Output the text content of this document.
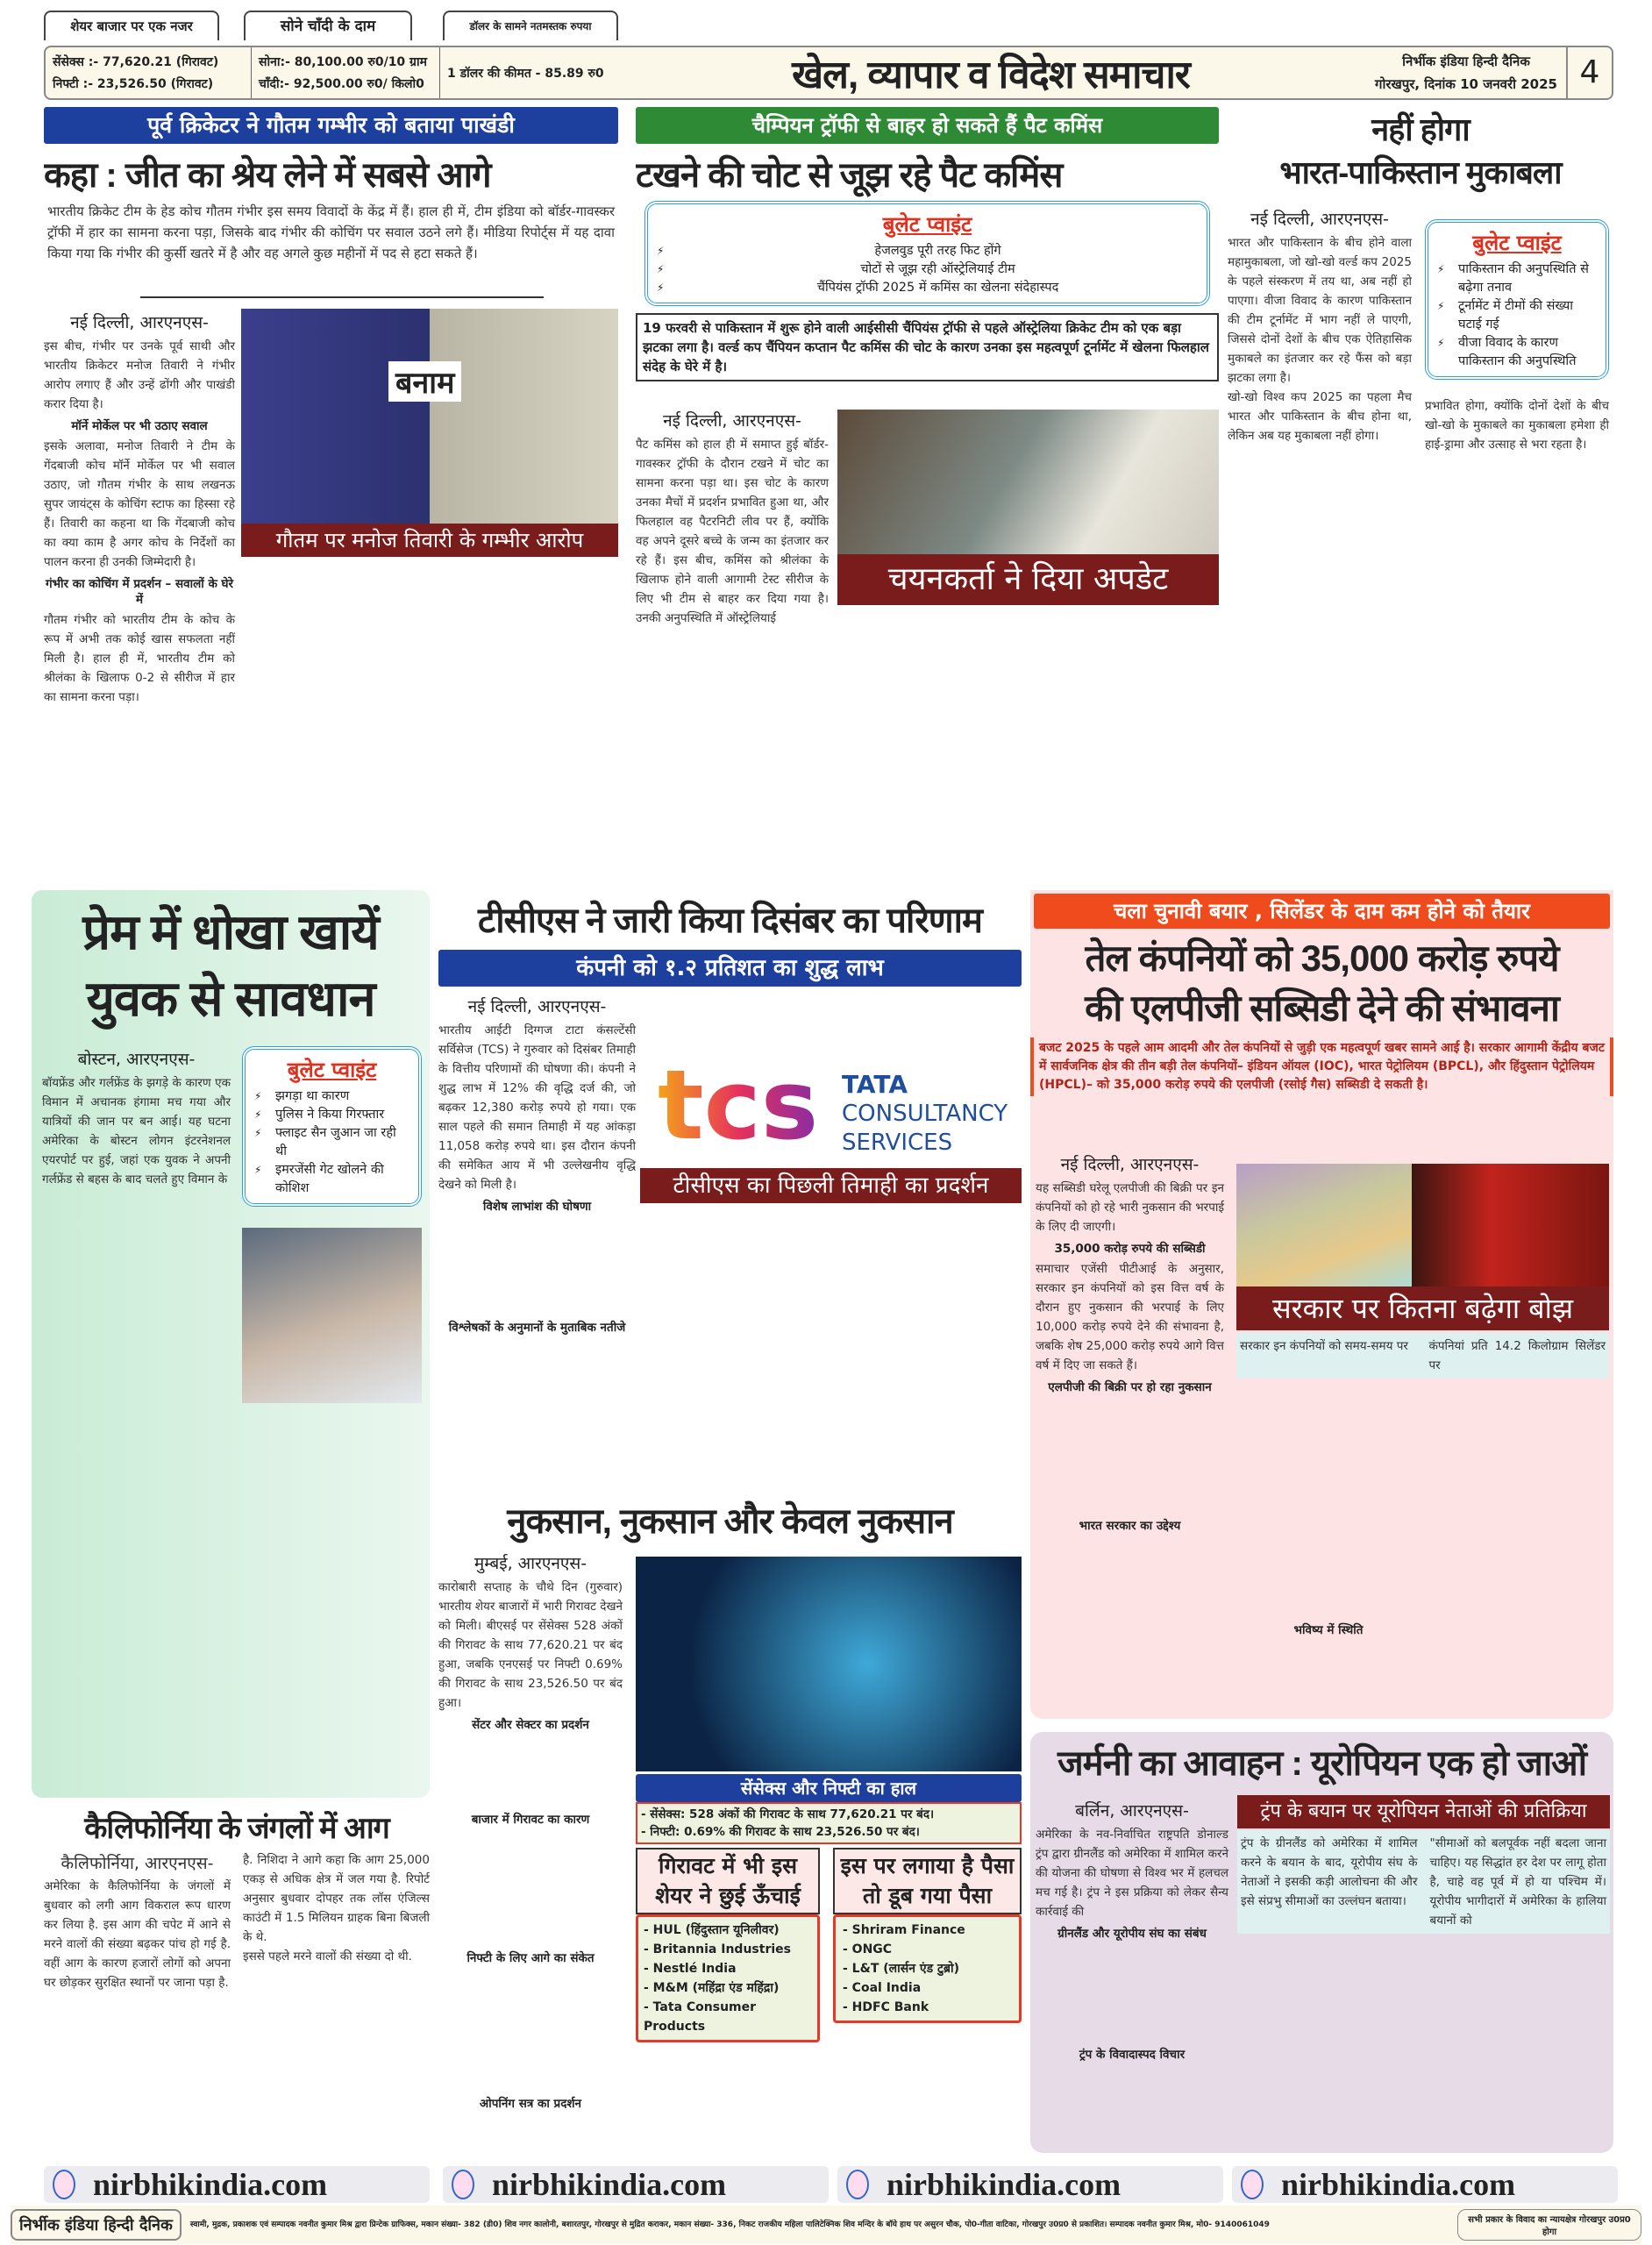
शेयर बाजार पर एक नजर	सोने चाँदी के दाम	डॉलर के सामने नतमस्तक रुपया
सेंसेक्स :- 77,620.21 (गिरावट)
निफ्टी :- 23,526.50 (गिरावट)
सोना:- 80,100.00 रु0/10 ग्राम
चाँदी:- 92,500.00 रु0/ किलो0
1 डॉलर की कीमत - 85.89 रु0	खेल, व्यापार व विदेश समाचार	निर्भीक इंडिया हिन्दी दैनिक
गोरखपुर, दिनांक 10 जनवरी 2025 4
पूर्व क्रिकेटर ने गौतम गम्भीर को बताया पाखंडी
कहा : जीत का श्रेय लेने में सबसे आगे
भारतीय क्रिकेट टीम के हेड कोच गौतम गंभीर इस समय विवादों के केंद्र में हैं। हाल ही में, टीम इंडिया को बॉर्डर-गावस्कर ट्रॉफी में हार का सामना करना पड़ा, जिसके बाद गंभीर की कोचिंग पर सवाल उठने लगे हैं। मीडिया रिपोर्ट्स में यह दावा किया गया कि गंभीर की कुर्सी खतरे में है और वह अगले कुछ महीनों में पद से हटा सकते हैं।
नई दिल्ली, आरएनएस-

इस बीच, गंभीर पर उनके पूर्व साथी और भारतीय क्रिकेटर मनोज तिवारी ने गंभीर आरोप लगाए हैं और उन्हें ढोंगी और पाखंडी करार दिया है।

मॉर्ने मोर्केल पर भी उठाए सवाल

इसके अलावा, मनोज तिवारी ने टीम के गेंदबाजी कोच मॉर्ने मोर्केल पर भी सवाल उठाए, जो गौतम गंभीर के साथ लखनऊ सुपर जायंट्स के कोचिंग स्टाफ का हिस्सा रहे हैं। तिवारी का कहना था कि गेंदबाजी कोच का क्या काम है अगर कोच के निर्देशों का पालन करना ही उनकी जिम्मेदारी है।

गंभीर का कोचिंग में प्रदर्शन – सवालों के घेरे में

गौतम गंभीर को भारतीय टीम के कोच के रूप में अभी तक कोई खास सफलता नहीं मिली है। हाल ही में, भारतीय टीम को श्रीलंका के खिलाफ 0-2 से सीरीज में हार का सामना करना पड़ा।

बनाम
गौतम पर मनोज तिवारी के गम्भीर आरोप
चैम्पियन ट्रॉफी से बाहर हो सकते हैं पैट कमिंस
टखने की चोट से जूझ रहे पैट कमिंस
बुलेट प्वाइंट
⚡ हेजलवुड पूरी तरह फिट होंगे
⚡ चोटों से जूझ रही ऑस्ट्रेलियाई टीम
⚡ चैंपियंस ट्रॉफी 2025 में कमिंस का खेलना संदेहास्पद
19 फरवरी से पाकिस्तान में शुरू होने वाली आईसीसी चैंपियंस ट्रॉफी से पहले ऑस्ट्रेलिया क्रिकेट टीम को एक बड़ा झटका लगा है। वर्ल्ड कप चैंपियन कप्तान पैट कमिंस की चोट के कारण उनका इस महत्वपूर्ण टूर्नामेंट में खेलना फिलहाल संदेह के घेरे में है।
नई दिल्ली, आरएनएस-

पैट कमिंस को हाल ही में समाप्त हुई बॉर्डर-गावस्कर ट्रॉफी के दौरान टखने में चोट का सामना करना पड़ा था। इस चोट के कारण उनका मैचों में प्रदर्शन प्रभावित हुआ था, और फिलहाल वह पैटरनिटी लीव पर हैं, क्योंकि वह अपने दूसरे बच्चे के जन्म का इंतजार कर रहे हैं। इस बीच, कमिंस को श्रीलंका के खिलाफ होने वाली आगामी टेस्ट सीरीज के लिए भी टीम से बाहर कर दिया गया है। उनकी अनुपस्थिति में ऑस्ट्रेलियाई

चयनकर्ता ने दिया अपडेट
नहीं होगा
भारत-पाकिस्तान मुकाबला
नई दिल्ली, आरएनएस-

भारत और पाकिस्तान के बीच होने वाला महामुकाबला, जो खो-खो वर्ल्ड कप 2025 के पहले संस्करण में तय था, अब नहीं हो पाएगा। वीजा विवाद के कारण पाकिस्तान की टीम टूर्नामेंट में भाग नहीं ले पाएगी, जिससे दोनों देशों के बीच एक ऐतिहासिक मुकाबले का इंतजार कर रहे फैंस को बड़ा झटका लगा है।

खो-खो विश्व कप 2025 का पहला मैच भारत और पाकिस्तान के बीच होना था, लेकिन अब यह मुकाबला नहीं होगा।

बुलेट प्वाइंट
⚡ पाकिस्तान की अनुपस्थिति से बढ़ेगा तनाव
⚡ टूर्नामेंट में टीमों की संख्या घटाई गई
⚡ वीजा विवाद के कारण पाकिस्तान की अनुपस्थिति

प्रभावित होगा, क्योंकि दोनों देशों के बीच खो-खो के मुकाबले का मुकाबला हमेशा ही हाई-ड्रामा और उत्साह से भरा रहता है।

प्रेम में धोखा खायें
युवक से सावधान
बोस्टन, आरएनएस-

बॉयफ्रेंड और गर्लफ्रेंड के झगड़े के कारण एक विमान में अचानक हंगामा मच गया और यात्रियों की जान पर बन आई। यह घटना अमेरिका के बोस्टन लोगन इंटरनेशनल एयरपोर्ट पर हुई, जहां एक युवक ने अपनी गर्लफ्रेंड से बहस के बाद चलते हुए विमान के

बुलेट प्वाइंट
⚡ झगड़ा था कारण
⚡ पुलिस ने किया गिरफ्तार
⚡ फ्लाइट सैन जुआन जा रही थी
⚡ इमरजेंसी गेट खोलने की कोशिश
टीसीएस ने जारी किया दिसंबर का परिणाम
कंपनी को १.२ प्रतिशत का शुद्ध लाभ
नई दिल्ली, आरएनएस-

भारतीय आईटी दिग्गज टाटा कंसल्टेंसी सर्विसेज (TCS) ने गुरुवार को दिसंबर तिमाही के वित्तीय परिणामों की घोषणा की। कंपनी ने शुद्ध लाभ में 12% की वृद्धि दर्ज की, जो बढ़कर 12,380 करोड़ रुपये हो गया। एक साल पहले की समान तिमाही में यह आंकड़ा 11,058 करोड़ रुपये था। इस दौरान कंपनी की समेकित आय में भी उल्लेखनीय वृद्धि देखने को मिली है।

विशेष लाभांश की घोषणा

विश्लेषकों के अनुमानों के मुताबिक नतीजे

tcs TATA
CONSULTANCY
SERVICES
टीसीएस का पिछली तिमाही का प्रदर्शन
नुकसान, नुकसान और केवल नुकसान
मुम्बई, आरएनएस-

कारोबारी सप्ताह के चौथे दिन (गुरुवार) भारतीय शेयर बाजारों में भारी गिरावट देखने को मिली। बीएसई पर सेंसेक्स 528 अंकों की गिरावट के साथ 77,620.21 पर बंद हुआ, जबकि एनएसई पर निफ्टी 0.69% की गिरावट के साथ 23,526.50 पर बंद हुआ।

सेंटर और सेक्टर का प्रदर्शन

बाजार में गिरावट का कारण

निफ्टी के लिए आगे का संकेत

सेंसेक्स और निफ्टी का हाल
- सेंसेक्स: 528 अंकों की गिरावट के साथ 77,620.21 पर बंद।
- निफ्टी: 0.69% की गिरावट के साथ 23,526.50 पर बंद।
गिरावट में भी इस शेयर ने छुई ऊँचाई
- HUL (हिंदुस्तान यूनिलीवर)
- Britannia Industries
- Nestlé India
- M&M (महिंद्रा एंड महिंद्रा)
- Tata Consumer Products
इस पर लगाया है पैसा तो डूब गया पैसा
- Shriram Finance
- ONGC
- L&T (लार्सन एंड टुब्रो)
- Coal India
- HDFC Bank

ओपनिंग सत्र का प्रदर्शन

चला चुनावी बयार , सिलेंडर के दाम कम होने को तैयार
तेल कंपनियों को 35,000 करोड़ रुपये
की एलपीजी सब्सिडी देने की संभावना
बजट 2025 के पहले आम आदमी और तेल कंपनियों से जुड़ी एक महत्वपूर्ण खबर सामने आई है। सरकार आगामी केंद्रीय बजट में सार्वजनिक क्षेत्र की तीन बड़ी तेल कंपनियों– इंडियन ऑयल (IOC), भारत पेट्रोलियम (BPCL), और हिंदुस्तान पेट्रोलियम (HPCL)– को 35,000 करोड़ रुपये की एलपीजी (रसोई गैस) सब्सिडी दे सकती है।
नई दिल्ली, आरएनएस-

यह सब्सिडी घरेलू एलपीजी की बिक्री पर इन कंपनियों को हो रहे भारी नुकसान की भरपाई के लिए दी जाएगी।

35,000 करोड़ रुपये की सब्सिडी

समाचार एजेंसी पीटीआई के अनुसार, सरकार इन कंपनियों को इस वित्त वर्ष के दौरान हुए नुकसान की भरपाई के लिए 10,000 करोड़ रुपये देने की संभावना है, जबकि शेष 25,000 करोड़ रुपये आगे वित्त वर्ष में दिए जा सकते हैं।

एलपीजी की बिक्री पर हो रहा नुकसान

भारत सरकार का उद्देश्य

सरकार पर कितना बढ़ेगा बोझ

सरकार इन कंपनियों को समय-समय पर	कंपनियां प्रति 14.2 किलोग्राम सिलेंडर पर

भविष्य में स्थिति

जर्मनी का आवाहन : यूरोपियन एक हो जाओं
बर्लिन, आरएनएस-

अमेरिका के नव-निर्वाचित राष्ट्रपति डोनाल्ड ट्रंप द्वारा ग्रीनलैंड को अमेरिका में शामिल करने की योजना की घोषणा से विश्व भर में हलचल मच गई है। ट्रंप ने इस प्रक्रिया को लेकर सैन्य कार्रवाई की

ग्रीनलैंड और यूरोपीय संघ का संबंध

ट्रंप के विवादास्पद विचार

ट्रंप के बयान पर यूरोपियन नेताओं की प्रतिक्रिया

ट्रंप के ग्रीनलैंड को अमेरिका में शामिल करने के बयान के बाद, यूरोपीय संघ के नेताओं ने इसकी कड़ी आलोचना की और इसे संप्रभु सीमाओं का उल्लंघन बताया।

"सीमाओं को बलपूर्वक नहीं बदला जाना चाहिए। यह सिद्धांत हर देश पर लागू होता है, चाहे वह पूर्व में हो या पश्चिम में। यूरोपीय भागीदारों में अमेरिका के हालिया बयानों को

कैलिफोर्निया के जंगलों में आग
कैलिफोर्निया, आरएनएस-

अमेरिका के कैलिफोर्निया के जंगलों में बुधवार को लगी आग विकराल रूप धारण कर लिया है. इस आग की चपेट में आने से मरने वालों की संख्या बढ़कर पांच हो गई है. वहीं आग के कारण हजारों लोगों को अपना घर छोड़कर सुरक्षित स्थानों पर जाना पड़ा है.

है. निशिदा ने आगे कहा कि आग 25,000 एकड़ से अधिक क्षेत्र में जल गया है. रिपोर्ट अनुसार बुधवार दोपहर तक लॉस एंजिल्स काउंटी में 1.5 मिलियन ग्राहक बिना बिजली के थे.

इससे पहले मरने वालों की संख्या दो थी.

nirbhikindia.com	nirbhikindia.com	nirbhikindia.com	nirbhikindia.com
निर्भीक इंडिया हिन्दी दैनिक	स्वामी, मुद्रक, प्रकाशक एवं सम्पादक नवनीत कुमार मिश्र द्वारा प्रिन्टेक ग्राफिक्स, मकान संख्या- 382 (डी0) शिव नगर कालोनी, बशारतपुर, गोरखपुर से मुद्रित कराकर, मकान संख्या- 336, निकट राजकीय महिला पालिटेक्निक शिव मन्दिर के बॉये हाथ पर असुरन चौक, पो0-गीता वाटिका, गोरखपुर उ0प्र0 से प्रकाशित। सम्पादक नवनीत कुमार मिश्र, मो0- 9140061049	सभी प्रकार के विवाद का न्यायक्षेत्र गोरखपुर उ0प्र0 होगा
